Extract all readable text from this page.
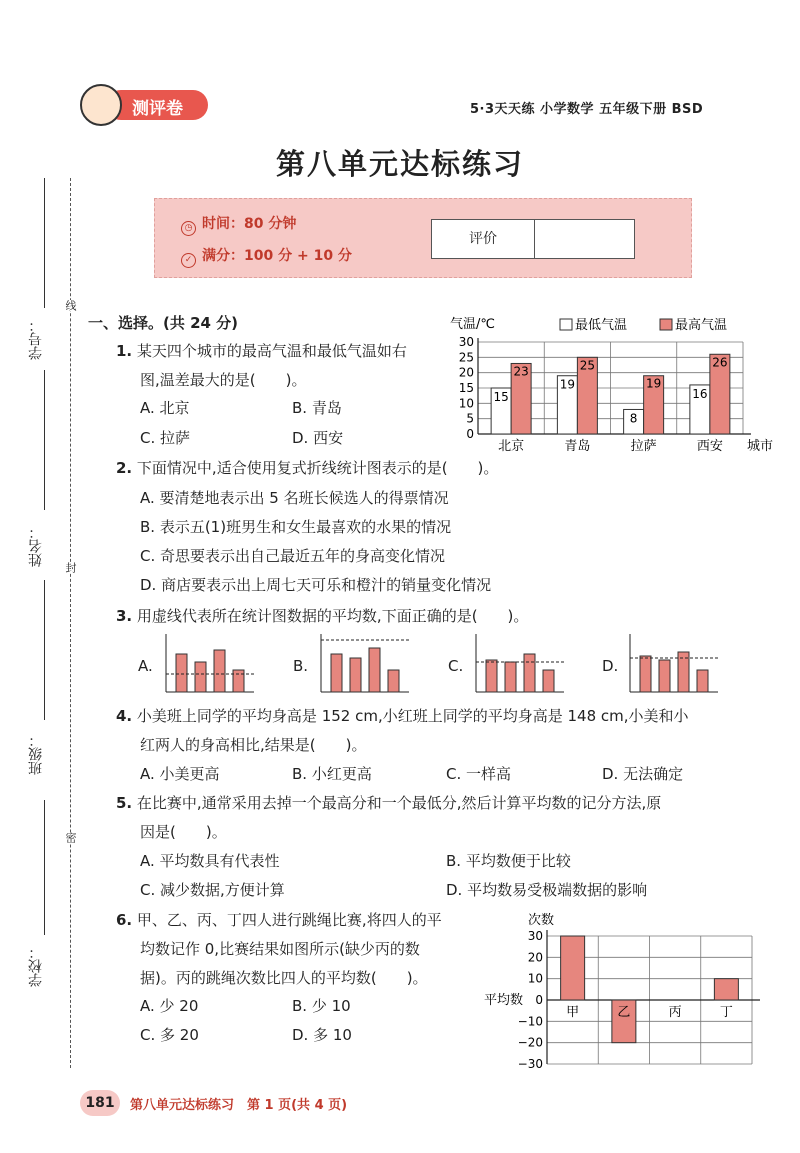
测评卷	5·3天天练 小学数学 五年级下册 BSD
第八单元达标练习
◷ 时间：80 分钟
✓ 满分：100 分 + 10 分
评价
学号：
线
姓名：
封
班级：
密
学校：
一、选择。(共 24 分)
1. 某天四个城市的最高气温和最低气温如右
图,温差最大的是(　　)。
A. 北京	B. 青岛
C. 拉萨	D. 西安
气温/℃	最低气温	最高气温
0
5
10
15
20
25
30
15
23
北京
19
25
青岛
8
19
拉萨
16
26
西安 城市
2. 下面情况中,适合使用复式折线统计图表示的是(　　)。
A. 要清楚地表示出 5 名班长候选人的得票情况
B. 表示五(1)班男生和女生最喜欢的水果的情况
C. 奇思要表示出自己最近五年的身高变化情况
D. 商店要表示出上周七天可乐和橙汁的销量变化情况
3. 用虚线代表所在统计图数据的平均数,下面正确的是(　　)。
A.	B.	C.	D.
4. 小美班上同学的平均身高是 152 cm,小红班上同学的平均身高是 148 cm,小美和小
红两人的身高相比,结果是(　　)。
A. 小美更高	B. 小红更高	C. 一样高	D. 无法确定
5. 在比赛中,通常采用去掉一个最高分和一个最低分,然后计算平均数的记分方法,原
因是(　　)。
A. 平均数具有代表性	B. 平均数便于比较
C. 减少数据,方便计算	D. 平均数易受极端数据的影响
6. 甲、乙、丙、丁四人进行跳绳比赛,将四人的平
均数记作 0,比赛结果如图所示(缺少丙的数
据)。丙的跳绳次数比四人的平均数(　　)。
A. 少 20	B. 少 10
C. 多 20	D. 多 10
次数
−30
−20
−10
0
10
20
30
平均数
甲	乙	丙	丁
181	第八单元达标练习　第 1 页(共 4 页)
